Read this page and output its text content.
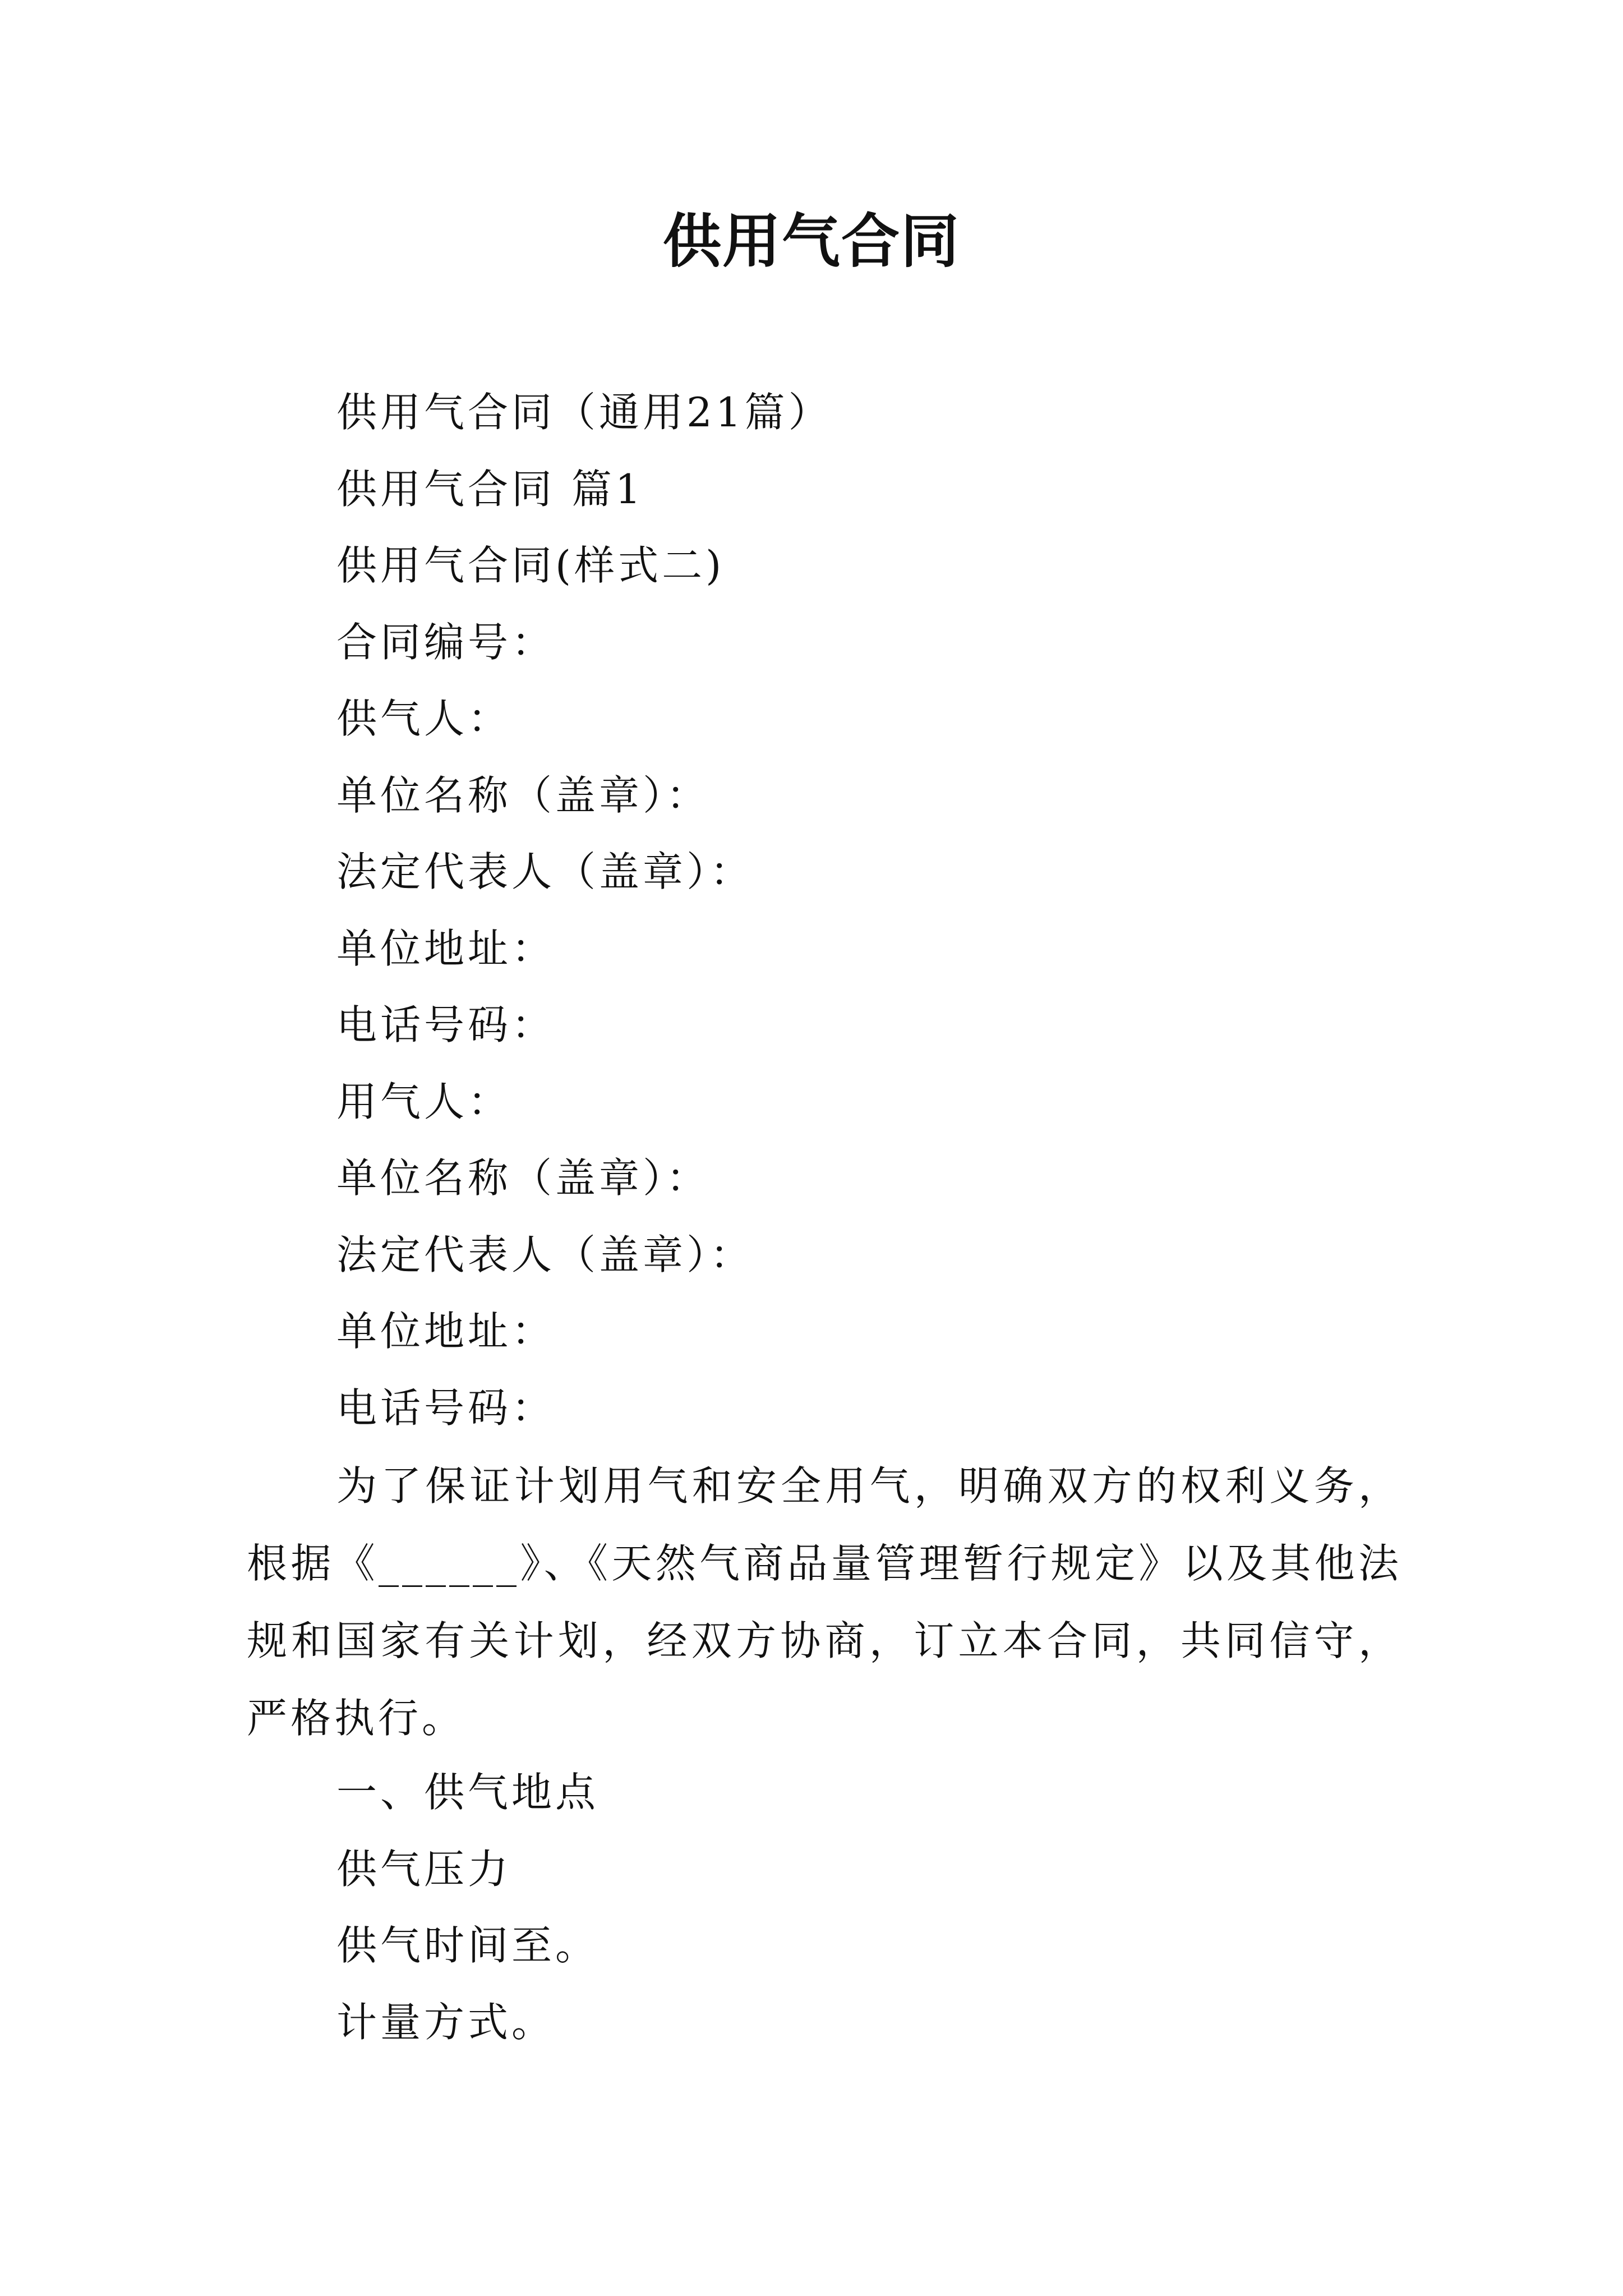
供用气合同
供用气合同（通用21篇）
供用气合同 篇1
供用气合同(样式二)
合同编号：
供气人：
单位名称（盖章）：
法定代表人（盖章）：
单位地址：
电话号码：
用气人：
单位名称（盖章）：
法定代表人（盖章）：
单位地址：
电话号码：
为了保证计划用气和安全用气，明确双方的权利义务，根据《______》、《天然气商品量管理暂行规定》以及其他法规和国家有关计划，经双方协商，订立本合同，共同信守，严格执行。
一、供气地点
供气压力
供气时间至。
计量方式。
